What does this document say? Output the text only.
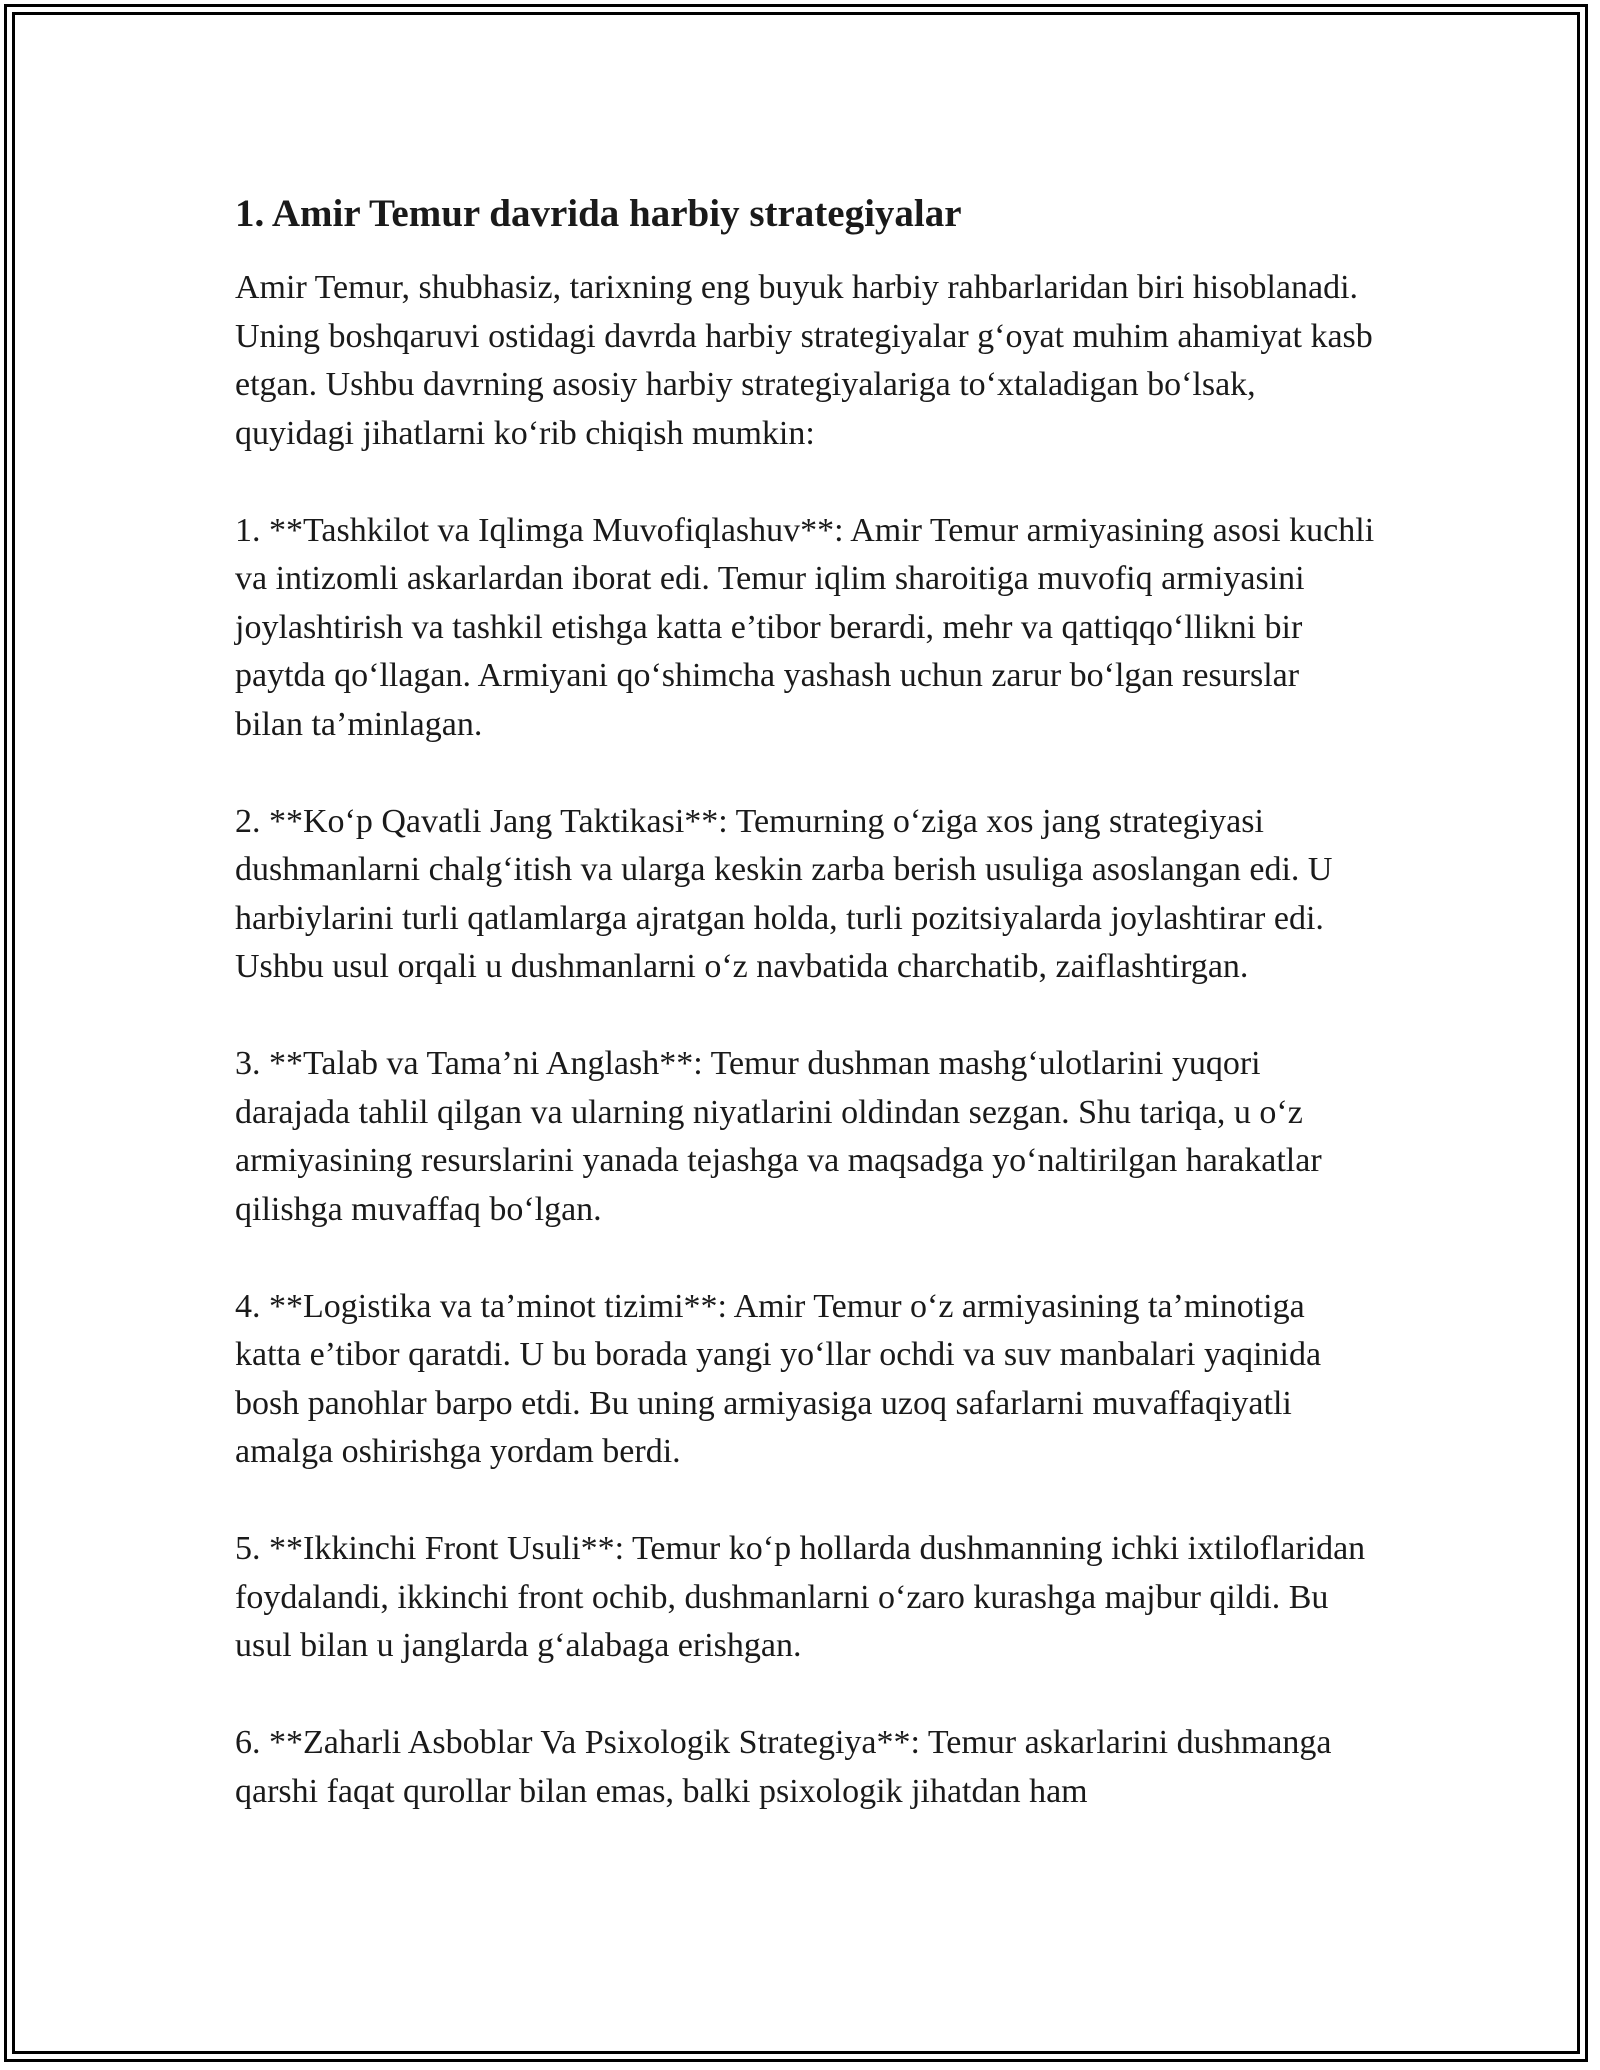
1. Amir Temur davrida harbiy strategiyalar

Amir Temur, shubhasiz, tarixning eng buyuk harbiy rahbarlaridan biri hisoblanadi. Uning boshqaruvi ostidagi davrda harbiy strategiyalar g‘oyat muhim ahamiyat kasb etgan. Ushbu davrning asosiy harbiy strategiyalariga to‘xtaladigan bo‘lsak, quyidagi jihatlarni ko‘rib chiqish mumkin:

1. **Tashkilot va Iqlimga Muvofiqlashuv**: Amir Temur armiyasining asosi kuchli va intizomli askarlardan iborat edi. Temur iqlim sharoitiga muvofiq armiyasini joylashtirish va tashkil etishga katta e’tibor berardi, mehr va qattiqqo‘llikni bir paytda qo‘llagan. Armiyani qo‘shimcha yashash uchun zarur bo‘lgan resurslar bilan ta’minlagan.

2. **Ko‘p Qavatli Jang Taktikasi**: Temurning o‘ziga xos jang strategiyasi dushmanlarni chalg‘itish va ularga keskin zarba berish usuliga asoslangan edi. U harbiylarini turli qatlamlarga ajratgan holda, turli pozitsiyalarda joylashtirar edi. Ushbu usul orqali u dushmanlarni o‘z navbatida charchatib, zaiflashtirgan.

3. **Talab va Tama’ni Anglash**: Temur dushman mashg‘ulotlarini yuqori darajada tahlil qilgan va ularning niyatlarini oldindan sezgan. Shu tariqa, u o‘z armiyasining resurslarini yanada tejashga va maqsadga yo‘naltirilgan harakatlar qilishga muvaffaq bo‘lgan.

4. **Logistika va ta’minot tizimi**: Amir Temur o‘z armiyasining ta’minotiga katta e’tibor qaratdi. U bu borada yangi yo‘llar ochdi va suv manbalari yaqinida bosh panohlar barpo etdi. Bu uning armiyasiga uzoq safarlarni muvaffaqiyatli amalga oshirishga yordam berdi.

5. **Ikkinchi Front Usuli**: Temur ko‘p hollarda dushmanning ichki ixtiloflaridan foydalandi, ikkinchi front ochib, dushmanlarni o‘zaro kurashga majbur qildi. Bu usul bilan u janglarda g‘alabaga erishgan.

6. **Zaharli Asboblar Va Psixologik Strategiya**: Temur askarlarini dushmanga qarshi faqat qurollar bilan emas, balki psixologik jihatdan ham
